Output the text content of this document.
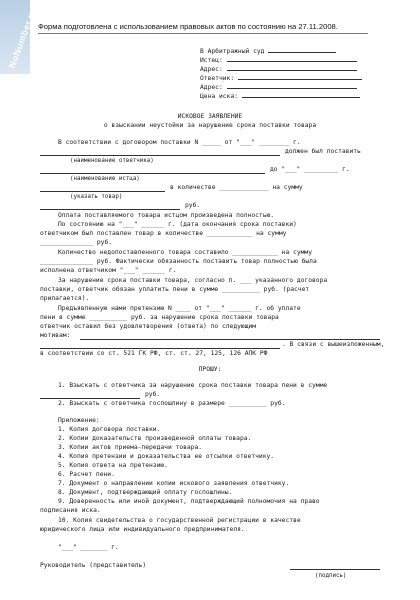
NoNumber.ru Форма подготовлена с использованием правовых актов по состоянию на 27.11.2008.
В Арбитражный суд
Истец:
Адрес:
Ответчик:
Адрес:
Цена иска:
ИСКОВОЕ ЗАЯВЛЕНИЕ
о взыскании неустойки за нарушение срока поставки товара
В соответствии с договором поставки N _____ от "___" ________ г.
должен был поставить
(наименование ответчика)
до "___" _________ г.
(наименование истца)
в количестве _____________ на сумму
(указать товар)
руб.
Оплата поставляемого товара истцом произведена полностью.
По состоянию на "___" ______ г. (дата окончания срока поставки)
ответчиком был поставлен товар в количестве ____________ на сумму
______________ руб.
Количество недопоставленного товара составило ____________ на сумму
______________ руб. Фактически обязанность поставить товар полностью была
исполнена ответчиком "___" ______ г.
За нарушение срока поставки товара, согласно п. ___ указанного договора
поставки, ответчик обязан уплатить пени в сумме __________ руб. (расчет
прилагается).
Предъявленную нами претензию N ____ от "___" ______ г. об уплате
пени в сумме __________ руб. за нарушение срока поставки товара
ответчик оставил без удовлетворения (ответа) по следующим
мотивам:
. В связи с вышеизложенным,
в соответствии со ст. 521 ГК РФ, ст. ст. 27, 125, 126 АПК РФ
ПРОШУ:
1. Взыскать с ответчика за нарушение срока поставки товара пени в сумме
руб.
2. Взыскать с ответчика госпошлину в размере __________ руб.
Приложение:
1. Копия договора поставки.
2. Копии доказательств произведенной оплаты товара.
3. Копии актов приема-передачи товара.
4. Копия претензии и доказательства ее отсылки ответчику.
5. Копия ответа на претензию.
6. Расчет пени.
7. Документ о направлении копии искового заявления ответчику.
8. Документ, подтверждающий оплату госпошлины.
9. Доверенность или иной документ, подтверждающий полномочия на право
подписания иска.
10. Копия свидетельства о государственной регистрации в качестве
юридического лица или индивидуального предпринимателя.
"___" _______ г.
Руководитель (представитель)
(подпись)
